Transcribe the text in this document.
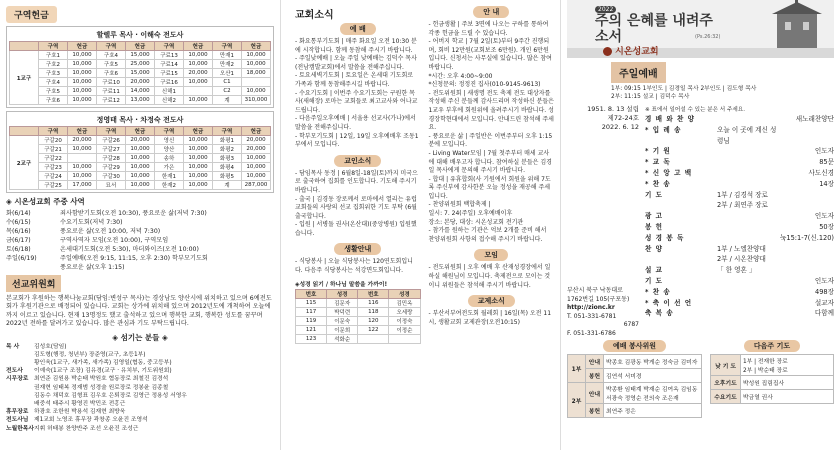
구역헌금
할렐루 목사 · 이해숙 전도사
	구역	헌금	구역	헌금	구역	헌금	구역	헌금
1교구	구호1	10,000	구호4	15,000	구료13	10,000	만재1	10,000
	구호2	10,000	구호5	25,000	구료14	10,000	만재2	10,000
	구호3	10,000	구호6	15,000	구료15	20,000	오산1	18,000
	구호4	10,000	구료10	20,000	구료16	10,000	C1	
	구호5	10,000	구료11	14,000	신해1		C2	10,000
	구호6	10,000	구료12	13,000	신해2	10,000	계	310,000
정영태 목사 · 차정숙 전도사
	구역	헌금	구역	헌금	구역	헌금	구역	헌금
2교구	구갈20	20,000	구갈26	20,000	영신	10,000	화평1	20,000
	구갈21	10,000	구갈27	10,000	양산	10,000	화평2	20,000
	구갈22		구갈28	10,000	송하	10,000	화평3	10,000
	구갈23	10,000	구갈29	10,000	가은	10,000	화평4	10,000
	구갈24	10,000	구갈30	10,000	한재1	10,000	화평5	10,000
	구갈25	17,000	묘서	10,000	한재2	10,000	계	287,000
◈ 시온성교회 주중 사역
화(6/14)	죄사함받기도회(오전 10:30), 풍요로운 삶(저녁 7:30)
수(6/15)	수요기도회(저녁 7:30)
목(6/16)	풍요로운 삶(오전 10:00, 저녁 7:30)
금(6/17)	구역사역자 모임(오전 10:00), 구역모임
토(6/18)	온세대기도회(오전 5:30), 마더와이즈(오전 10:00)
주일(6/19)	주일예배(오전 9:15, 11:15, 오후 2:30) 학부모기도회
풍요로운 삶(오후 1:15)
선교위원회
본교회가 후원하는 행복나눔교회(담임:변성구 목사)는 경상남도 양산시에 위치하고 있으며 6예전도회가 후원기관으로 배정되어 있습니다. 교회는 상가에 위치해 있으며 2012년도에 개척하여 오늘에까지 이르고 있습니다. 현재 13명정도 했고 출석하고 있으며 행복한 교회, 행복한 성도를 꿈꾸며 2022년 전하를 달려가고 있습니다. 많은 관심과 기도 부탁드립니다.
◈ 섬기는 분들 ◈
목 사	김성호(담임)
김도형(행정, 청년부) 장준영(교구, 초등1부)
황인욱(1교구, 새가족, 새가족) 김영일(협동, 중고등부)
전도사	이예숙(1교구 조장) 김유경(교구 · 유치부, 기도위원회)
시무장로 최연준 김원용 박순태 박원호 협동장로 최철진 김경석
권재현 임태복 정재범 성경술 원로장로 정봉윤 김종철
김동수 채덕호 김형표 김우호 은퇴장로 김영근 정용성 서영우
배중석 태주시 황영진 박민조 전홍근
휴무장로 하광호 조한원 박용석 김재현 최방욱
전도사님 제1교회 노영조 휴무장 곽창종 오윤진 조영석
노월한목사 지휘 허태봉 찬양반주 조선 오윤진 조성근
교회소식
예 배
- 화요통부기도회 | 매주 화요일 오전 10:30 분에 시작합니다. 함께 동참해 주시기 바랍니다.
- 주일낮예배 | 오늘 주일 낮예배는 김덕수 목사(전남캠발교회)에서 말씀을 전해주십니다.
- 토요세벽기도회 | 토요일은 온세대 기도회로 가족과 함께 동참해주시길 바랍니다.
- 수요기도회 | 이번주 수요기도회는 구원한 목사(새해장) 로마는 교회들로 최고교사와 어나교 드립니다.
- 다음주일오후예배 | 서울용 선교사(가나)에서 말씀을 전해주십니다.
- 학부모기도회 | 12일, 19일 오후예배후 조동1부에서 모입니다.
교인소식
- 담임목사 동정 | 6월8일-18일(토)까지 미국으로 출국하여 집회를 인도합니다. 기도해 주시기 바랍니다.
- 출국 | 김경동 장로께서 로마에서 열리는 유럽교회들의 사랑의 선교 집회위한 기도 부탁 (6월 출국합니다.
- 입원 | 서병돌 권사(온산대)(중앙병원) 입원했습니다.
생활안내
- 식당봉사 | 오늘 식당봉사는 120연도회입니다. 다음주 식당봉사는 석강면도회입니다.
◈성경 읽기 / 하나님 말씀을 가까이!
번호	성경	번호	성경
115	김문자	116	김민옥
117	박덕련	118	오세랑
119	이문숙	120	이정숙
121	이문희	122	이정순
123	석화순		
안 내
- 헌금생활 | 주보 3면에 나오는 구하를 통하여 각종 헌금을 드릴 수 있습니다.
- 어버지 학교 | 7월 2일(토)부터 9주간 진행되며, 회비 12만원(교회보조 6만원). 개인 6만원입니다. 신청서는 사무실에 있습니다. 많은 참여바랍니다.
*시간: 오후 4:00~9:00
*신청문의: 정정진 집사(010-9145-9613)
- 전도위원회 | 새생명 전도 축제 전도 대상자를 작성해 주신 분들께 감사드리며 작성하신 분들은 1교우 부후에 회원위에 올려주시기 바랍니다. 성경장학현대에서 모입니다. 안내드린 참석해 주세요.
- 풍요로운 삶 | 주일반은 이번주부터 오후 1:15분에 모입니다.
- Living Water모임 | 7월 첫주부터 매세 교사에 대해 배우고자 합니다. 참여하실 분들은 김경일 목사에게 문의해 주시기 바랍니다.
- 합대 | 유휴합회(사 기원에서 회원을 위해 7도록 주신부에 감사한분 오늘 정성을 재공해 주세입니다.
- 찬양위원회 백합축제 |
일시: 7. 24(주일) 오후예배이후
장소: 본당, 대상: 시온성교회 전기관
- 참가를 원하는 기관은 억보 2개를 준비 해서 찬양위원회 사항의 접수해 주시기 바랍니다.
모임
- 전도위원회 | 오후 예배 후 산재성경장에서 일하실 해원님이 모입니다. 축제전으로 모이는 것이니 위원들은 참석해 주시기 바랍니다.
교제소식
- 부산서부여전도회 월레회 | 16일(목) 오전 11시, 생활교회 교제관장(오전10:15)
2022
주의 은혜를 내려주소서	(Ps.26:32)
시온성교회
주일예배
1부: 09:15 1부인도 | 김경일 목사 2부인도 | 김도형 목사
2부: 11:15 설교 | 김덕수 목사
1951. 8. 13 설립
제72-24호
2022. 6. 12
부산시 북구 낙동대로
1762번길 105(구포동)
http://zionc.kr
T. 051-331-6781
6787
F. 051-331-6786
※ 표에서 일어설 수 있는 분은 서 주세요.
경 배 와 찬 양	새노래찬양단
* 입 례 송	오늘 이 곳에 계신 성령님
* 기 원	인도자
* 교 독	85문
* 신 앙 고 백	사도신경
* 찬 송	14장
기 도	1부 / 김경석 장로
2부 / 최연주 장로
광 고	인도자
봉 헌	50장
성 경 봉 독	눅15:1-7(신.120)
찬 양	1부 / 노엘찬양대
2부 / 시온찬양대
설 교	「 한 영혼 」
기 도	인도자
* 찬 송	498장
* 축 이 선 언	설교자
축 복 송	다함께
예배 봉사위원
1부	안내	박종호 김광동 박게순 정숙금 김미자
	봉헌	김연석 서미경
2부	안내	박종환 임태계 박재순 김여옥 김임동 서광숙 정영순 전의숙 조은재
	봉헌	최연주 정은
다음주 기도
낮 기 도	1부 | 전재한 장로
2부 | 박순태 장로
오후기도	박성원 집림집사
수요기도	박금열 권사
